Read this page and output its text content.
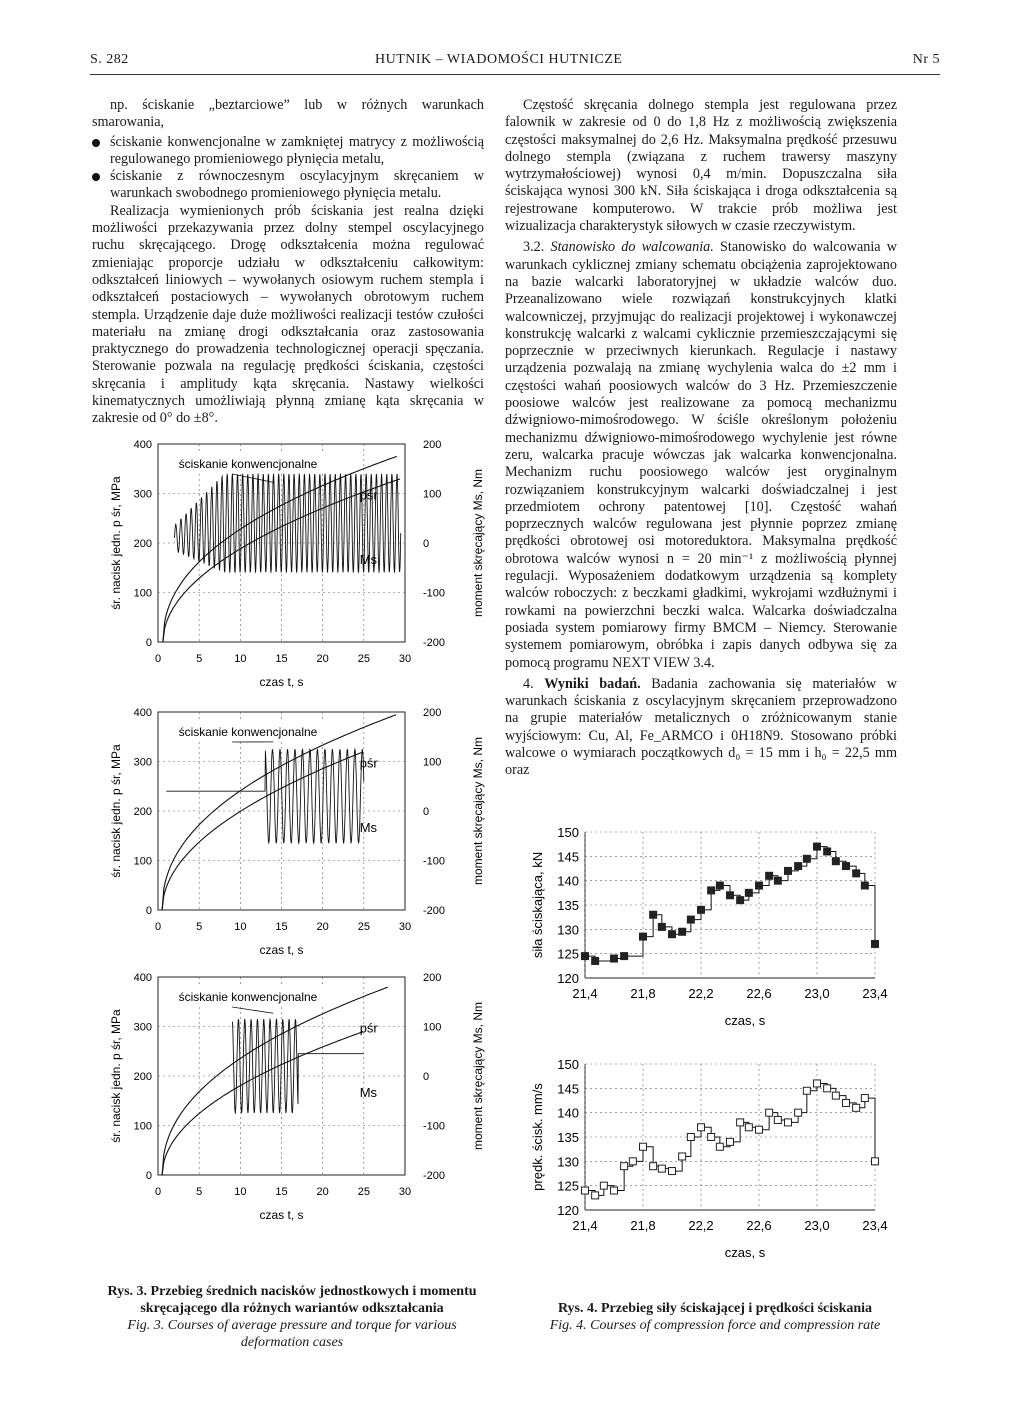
S. 282	HUTNIK – WIADOMOŚCI HUTNICZE	Nr 5

np. ściskanie „beztarciowe” lub w różnych warunkach smarowania,

ściskanie konwencjonalne w zamkniętej matrycy z możliwością regulowanego promieniowego płynięcia metalu,
ściskanie z równoczesnym oscylacyjnym skręcaniem w warunkach swobodnego promieniowego płynięcia metalu.

Realizacja wymienionych prób ściskania jest realna dzięki możliwości przekazywania przez dolny stempel oscylacyjnego ruchu skręcającego. Drogę odkształcenia można regulować zmieniając proporcje udziału w odkształceniu całkowitym: odkształceń liniowych – wywołanych osiowym ruchem stempla i odkształceń postaciowych – wywołanych obrotowym ruchem stempla. Urządzenie daje duże możliwości realizacji testów czułości materiału na zmianę drogi odkształcania oraz zastosowania praktycznego do prowadzenia technologicznej operacji spęczania. Sterowanie pozwala na regulację prędkości ściskania, częstości skręcania i amplitudy kąta skręcania. Nastawy wielkości kinematycznych umożliwiają płynną zmianę kąta skręcania w zakresie od 0° do ±8°.

Częstość skręcania dolnego stempla jest regulowana przez falownik w zakresie od 0 do 1,8 Hz z możliwością zwiększenia częstości maksymalnej do 2,6 Hz. Maksymalna prędkość przesuwu dolnego stempla (związana z ruchem trawersy maszyny wytrzymałościowej) wynosi 0,4 m/min. Dopuszczalna siła ściskająca wynosi 300 kN. Siła ściskająca i droga odkształcenia są rejestrowane komputerowo. W trakcie prób możliwa jest wizualizacja charakterystyk siłowych w czasie rzeczywistym.

3.2. Stanowisko do walcowania. Stanowisko do walcowania w warunkach cyklicznej zmiany schematu obciążenia zaprojektowano na bazie walcarki laboratoryjnej w układzie walców duo. Przeanalizowano wiele rozwiązań konstrukcyjnych klatki walcowniczej, przyjmując do realizacji projektowej i wykonawczej konstrukcję walcarki z walcami cyklicznie przemieszczającymi się poprzecznie w przeciwnych kierunkach. Regulacje i nastawy urządzenia pozwalają na zmianę wychylenia walca do ±2 mm i częstości wahań poosiowych walców do 3 Hz. Przemieszczenie poosiowe walców jest realizowane za pomocą mechanizmu dźwigniowo-mimośrodowego. W ściśle określonym położeniu mechanizmu dźwigniowo-mimośrodowego wychylenie jest równe zeru, walcarka pracuje wówczas jak walcarka konwencjonalna. Mechanizm ruchu poosiowego walców jest oryginalnym rozwiązaniem konstrukcyjnym walcarki doświadczalnej i jest przedmiotem ochrony patentowej [10]. Częstość wahań poprzecznych walców regulowana jest płynnie poprzez zmianę prędkości obrotowej osi motoreduktora. Maksymalna prędkość obrotowa walców wynosi n = 20 min⁻¹ z możliwością płynnej regulacji. Wyposażeniem dodatkowym urządzenia są komplety walców roboczych: z beczkami gładkimi, wykrojami wzdłużnymi i rowkami na powierzchni beczki walca. Walcarka doświadczalna posiada system pomiarowy firmy BMCM – Niemcy. Sterowanie systemem pomiarowym, obróbka i zapis danych odbywa się za pomocą programu NEXT VIEW 3.4.

4. Wyniki badań. Badania zachowania się materiałów w warunkach ściskania z oscylacyjnym skręcaniem przeprowadzono na grupie materiałów metalicznych o zróżnicowanym stanie wyjściowym: Cu, Al, Fe_ARMCO i 0H18N9. Stosowano próbki walcowe o wymiarach początkowych d₀ = 15 mm i h₀ = 22,5 mm oraz

0
100
200
300
400
-200
-100
0
100
200
0	5	10	15	20	25	30
czas t, s
śr. nacisk jedn. p śr, MPa	moment skręcający Ms, Nm
ściskanie konwencjonalne
pśr
Ms
0
100
200
300
400
-200
-100
0
100
200
0	5	10	15	20	25	30
czas t, s
śr. nacisk jedn. p śr, MPa	moment skręcający Ms, Nm
ściskanie konwencjonalne
pśr
Ms
0
100
200
300
400
-200
-100
0
100
200
0	5	10	15	20	25	30
czas t, s
śr. nacisk jedn. p śr, MPa	moment skręcający Ms, Nm
ściskanie konwencjonalne
pśr
Ms
120
125
130
135
140
145
150
21,4	21,8	22,2	22,6	23,0	23,4
czas, s
siła ściskająca, kN
120
125
130
135
140
145
150
21,4	21,8	22,2	22,6	23,0	23,4
czas, s
prędk. ścisk. mm/s
Rys. 3. Przebieg średnich nacisków jednostkowych i momentu skręcającego dla różnych wariantów odkształcania
Fig. 3. Courses of average pressure and torque for various deformation cases
Rys. 4. Przebieg siły ściskającej i prędkości ściskania
Fig. 4. Courses of compression force and compression rate
